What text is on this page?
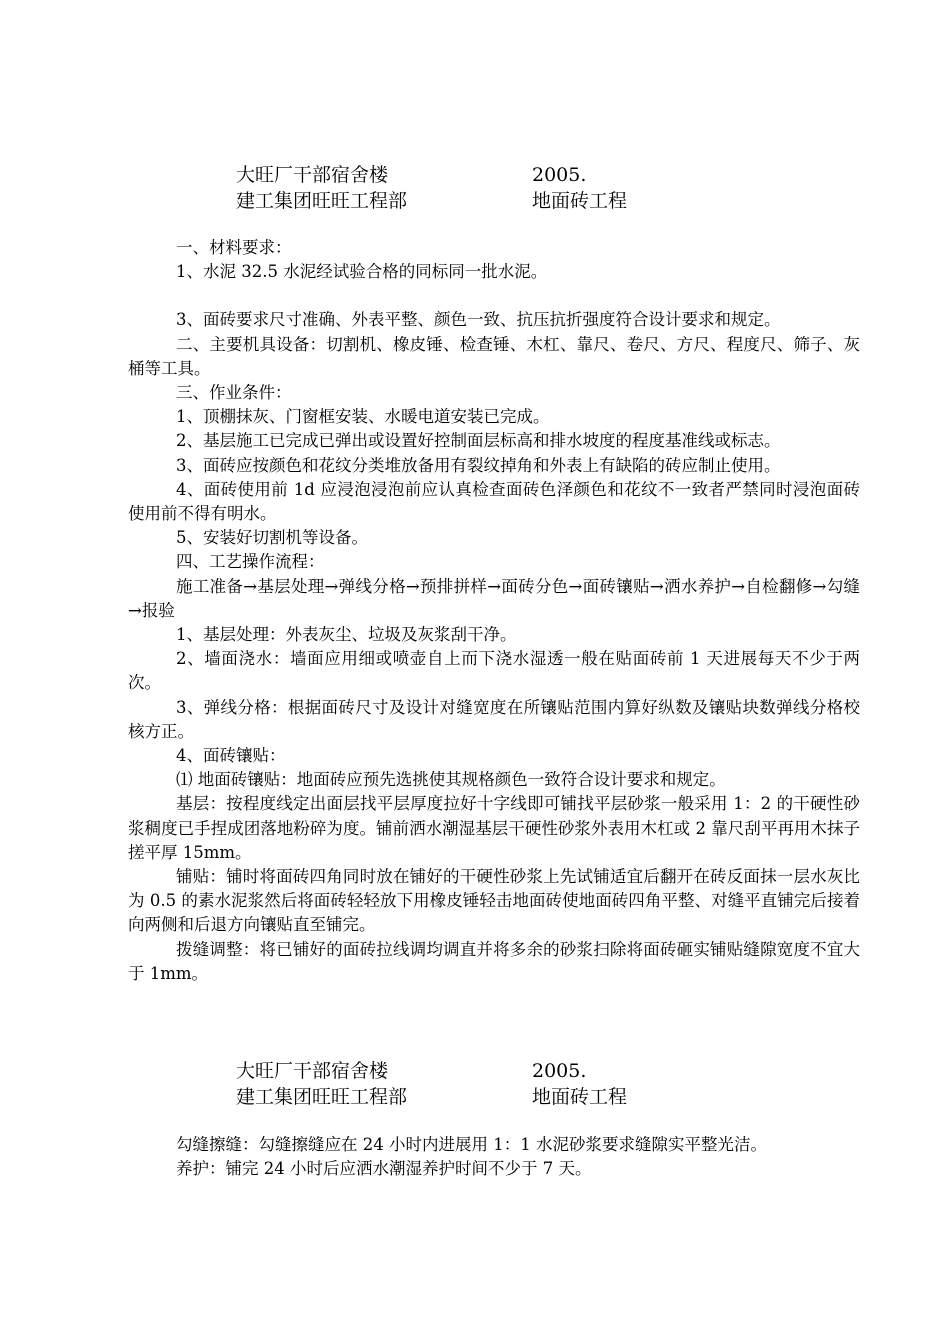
大旺厂干部宿舍楼	2005.
建工集团旺旺工程部	地面砖工程

一、材料要求：

1、水泥 32.5 水泥经试验合格的同标同一批水泥。

3、面砖要求尺寸准确、外表平整、颜色一致、抗压抗折强度符合设计要求和规定。

二、主要机具设备：切割机、橡皮锤、检查锤、木杠、靠尺、卷尺、方尺、程度尺、筛子、灰桶等工具。

三、作业条件：

1、顶棚抹灰、门窗框安装、水暖电道安装已完成。

2、基层施工已完成已弹出或设置好控制面层标高和排水坡度的程度基准线或标志。

3、面砖应按颜色和花纹分类堆放备用有裂纹掉角和外表上有缺陷的砖应制止使用。

4、面砖使用前 1d 应浸泡浸泡前应认真检查面砖色泽颜色和花纹不一致者严禁同时浸泡面砖使用前不得有明水。

5、安装好切割机等设备。

四、工艺操作流程：

施工准备→基层处理→弹线分格→预排拼样→面砖分色→面砖镶贴→洒水养护→自检翻修→勾缝→报验

1、基层处理：外表灰尘、垃圾及灰浆刮干净。

2、墙面浇水：墙面应用细或喷壶自上而下浇水湿透一般在贴面砖前 1 天进展每天不少于两次。

3、弹线分格：根据面砖尺寸及设计对缝宽度在所镶贴范围内算好纵数及镶贴块数弹线分格校核方正。

4、面砖镶贴：

⑴ 地面砖镶贴：地面砖应预先选挑使其规格颜色一致符合设计要求和规定。

基层：按程度线定出面层找平层厚度拉好十字线即可铺找平层砂浆一般采用 1：2 的干硬性砂浆稠度已手捏成团落地粉碎为度。铺前洒水潮湿基层干硬性砂浆外表用木杠或 2 靠尺刮平再用木抹子搓平厚 15mm。

铺贴：铺时将面砖四角同时放在铺好的干硬性砂浆上先试铺适宜后翻开在砖反面抹一层水灰比为 0.5 的素水泥浆然后将面砖轻轻放下用橡皮锤轻击地面砖使地面砖四角平整、对缝平直铺完后接着向两侧和后退方向镶贴直至铺完。

拨缝调整：将已铺好的面砖拉线调均调直并将多余的砂浆扫除将面砖砸实铺贴缝隙宽度不宜大于 1mm。

大旺厂干部宿舍楼	2005.
建工集团旺旺工程部	地面砖工程

勾缝擦缝：勾缝擦缝应在 24 小时内进展用 1：1 水泥砂浆要求缝隙实平整光洁。

养护：铺完 24 小时后应洒水潮湿养护时间不少于 7 天。
